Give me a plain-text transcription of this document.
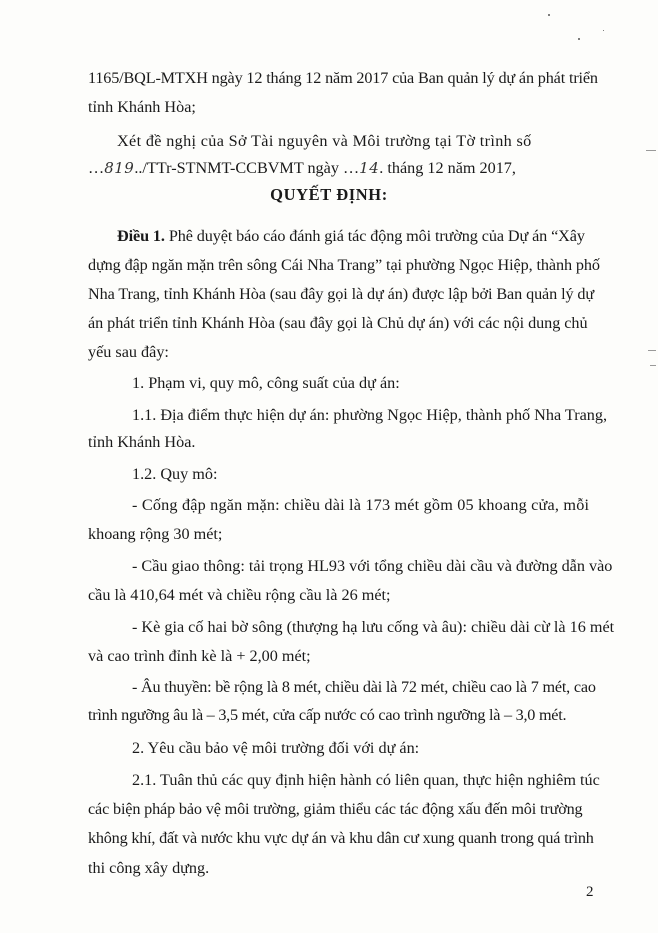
1165/BQL-MTXH ngày 12 tháng 12 năm 2017 của Ban quản lý dự án phát triển
tỉnh Khánh Hòa;
Xét đề nghị của Sở Tài nguyên và Môi trường tại Tờ trình số
…819../TTr-STNMT-CCBVMT ngày …14. tháng 12 năm 2017,
QUYẾT ĐỊNH:
Điều 1. Phê duyệt báo cáo đánh giá tác động môi trường của Dự án “Xây
dựng đập ngăn mặn trên sông Cái Nha Trang” tại phường Ngọc Hiệp, thành phố
Nha Trang, tỉnh Khánh Hòa (sau đây gọi là dự án) được lập bởi Ban quản lý dự
án phát triển tỉnh Khánh Hòa (sau đây gọi là Chủ dự án) với các nội dung chủ
yếu sau đây:
1. Phạm vi, quy mô, công suất của dự án:
1.1. Địa điểm thực hiện dự án: phường Ngọc Hiệp, thành phố Nha Trang,
tỉnh Khánh Hòa.
1.2. Quy mô:
- Cống đập ngăn mặn: chiều dài là 173 mét gồm 05 khoang cửa, mỗi
khoang rộng 30 mét;
- Cầu giao thông: tải trọng HL93 với tổng chiều dài cầu và đường dẫn vào
cầu là 410,64 mét và chiều rộng cầu là 26 mét;
- Kè gia cố hai bờ sông (thượng hạ lưu cống và âu): chiều dài cừ là 16 mét
và cao trình đỉnh kè là + 2,00 mét;
- Âu thuyền: bề rộng là 8 mét, chiều dài là 72 mét, chiều cao là 7 mét, cao
trình ngưỡng âu là – 3,5 mét, cửa cấp nước có cao trình ngưỡng là – 3,0 mét.
2. Yêu cầu bảo vệ môi trường đối với dự án:
2.1. Tuân thủ các quy định hiện hành có liên quan, thực hiện nghiêm túc
các biện pháp bảo vệ môi trường, giảm thiểu các tác động xấu đến môi trường
không khí, đất và nước khu vực dự án và khu dân cư xung quanh trong quá trình
thi công xây dựng.
2
